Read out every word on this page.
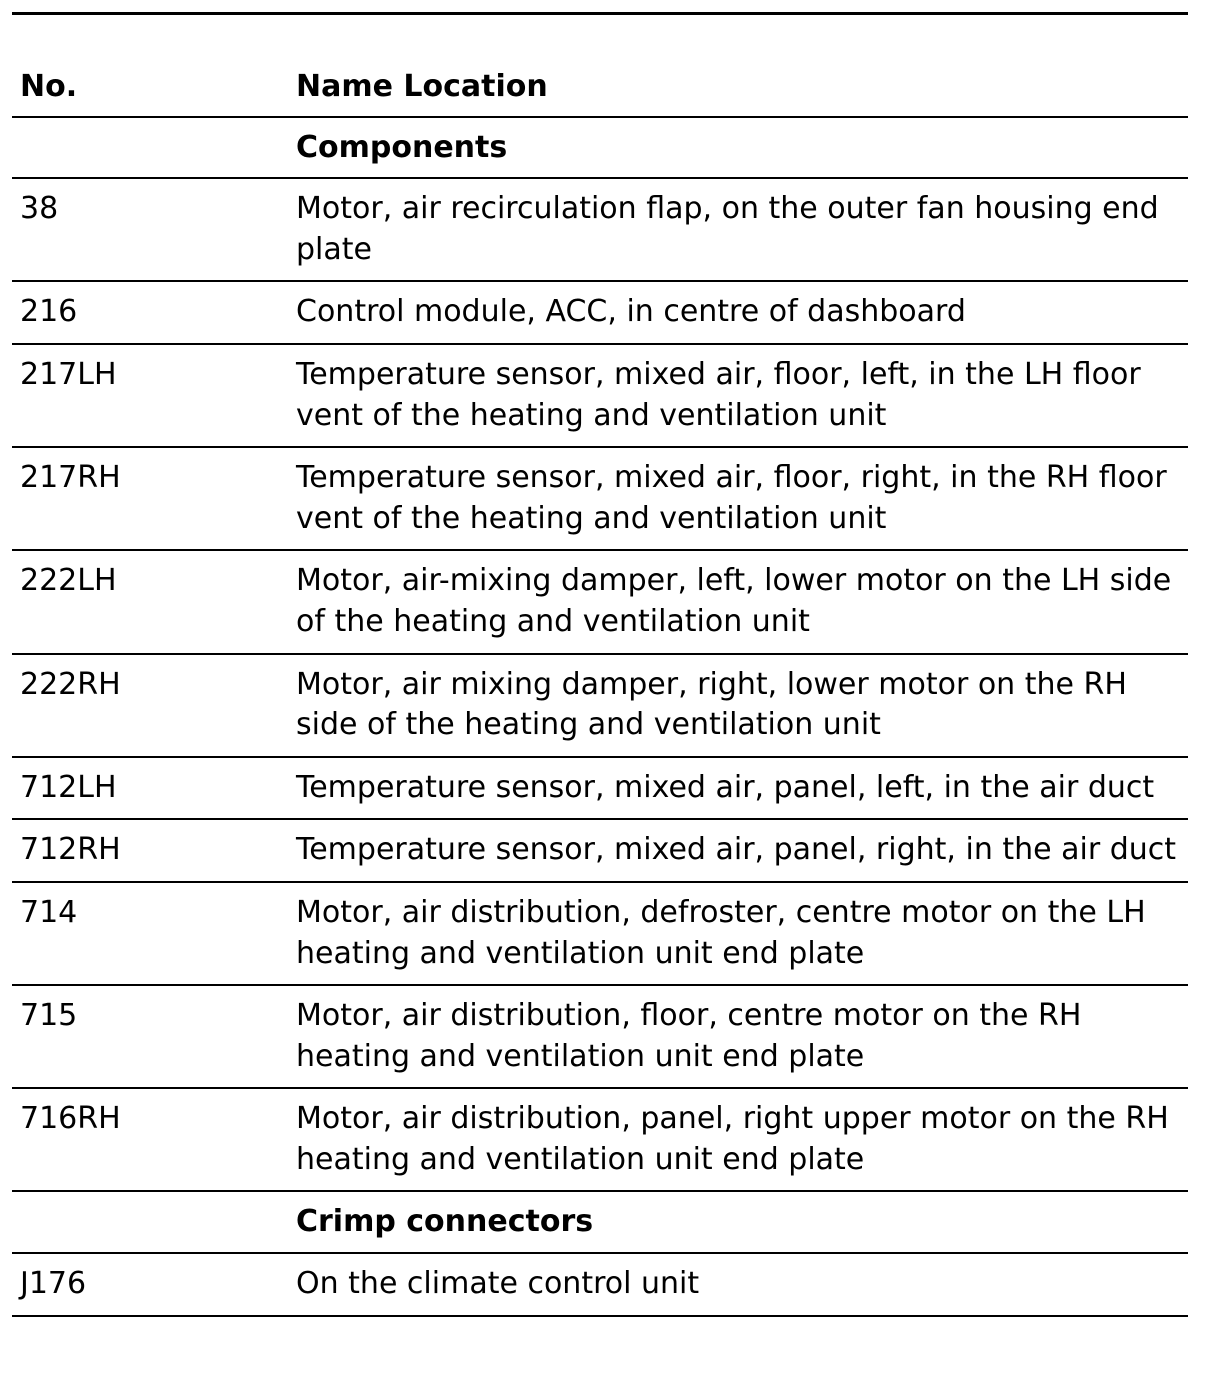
No.	Name Location
	Components
38	Motor, air recirculation flap, on the outer fan housing end plate
216	Control module, ACC, in centre of dashboard
217LH	Temperature sensor, mixed air, floor, left, in the LH floor vent of the heating and ventilation unit
217RH	Temperature sensor, mixed air, floor, right, in the RH floor vent of the heating and ventilation unit
222LH	Motor, air-mixing damper, left, lower motor on the LH side of the heating and ventilation unit
222RH	Motor, air mixing damper, right, lower motor on the RH side of the heating and ventilation unit
712LH	Temperature sensor, mixed air, panel, left, in the air duct
712RH	Temperature sensor, mixed air, panel, right, in the air duct
714	Motor, air distribution, defroster, centre motor on the LH heating and ventilation unit end plate
715	Motor, air distribution, floor, centre motor on the RH heating and ventilation unit end plate
716RH	Motor, air distribution, panel, right upper motor on the RH heating and ventilation unit end plate
	Crimp connectors
J176	On the climate control unit
